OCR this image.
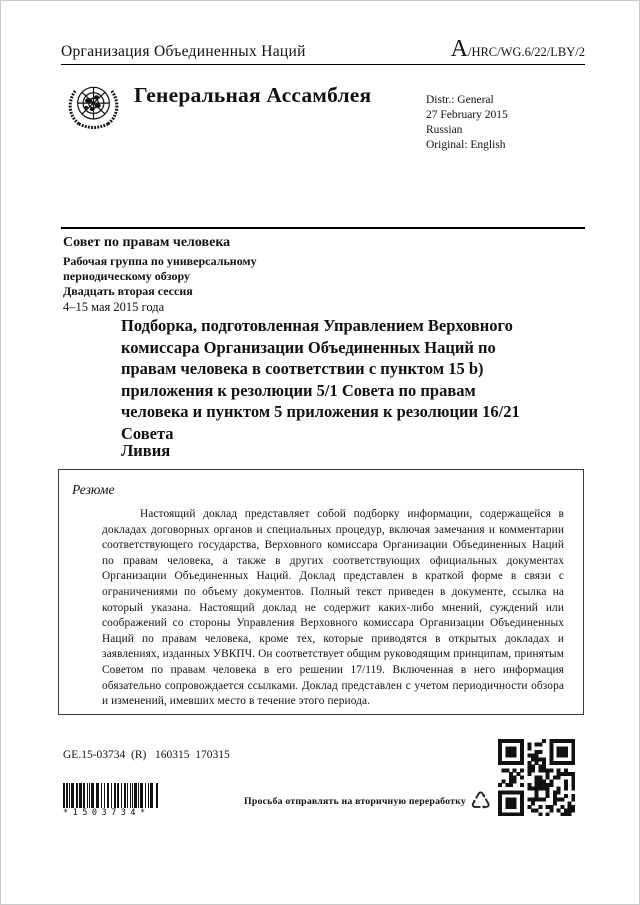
Организация Объединенных Наций	A/HRC/WG.6/22/LBY/2
Генеральная Ассамблея	Distr.: General
27 February 2015
Russian
Original: English
Совет по правам человека
Рабочая группа по универсальному
периодическому обзору
Двадцать вторая сессия
4–15 мая 2015 года
Подборка, подготовленная Управлением Верховного
комиссара Организации Объединенных Наций по
правам человека в соответствии с пунктом 15 b)
приложения к резолюции 5/1 Совета по правам
человека и пунктом 5 приложения к резолюции 16/21
Совета
Ливия
Резюме
Настоящий доклад представляет собой подборку информации, содержащейся в докладах договорных органов и специальных процедур, включая замечания и комментарии соответствующего государства, Верховного комиссара Организации Объединенных Наций по правам человека, а также в других соответствующих официальных документах Организации Объединенных Наций. Доклад представлен в краткой форме в связи с ограничениями по объему документов. Полный текст приведен в документе, ссылка на который указана. Настоящий доклад не содержит каких-либо мнений, суждений или соображений со стороны Управления Верховного комиссара Организации Объединенных Наций по правам человека, кроме тех, которые приводятся в открытых докладах и заявлениях, изданных УВКПЧ. Он соответствует общим руководящим принципам, принятым Советом по правам человека в его решении 17/119. Включенная в него информация обязательно сопровождается ссылками. Доклад представлен с учетом периодичности обзора и изменений, имевших место в течение этого периода.
GE.15-03734  (R)   160315  170315
*1503734*
Просьба отправлять на вторичную переработку ♺
